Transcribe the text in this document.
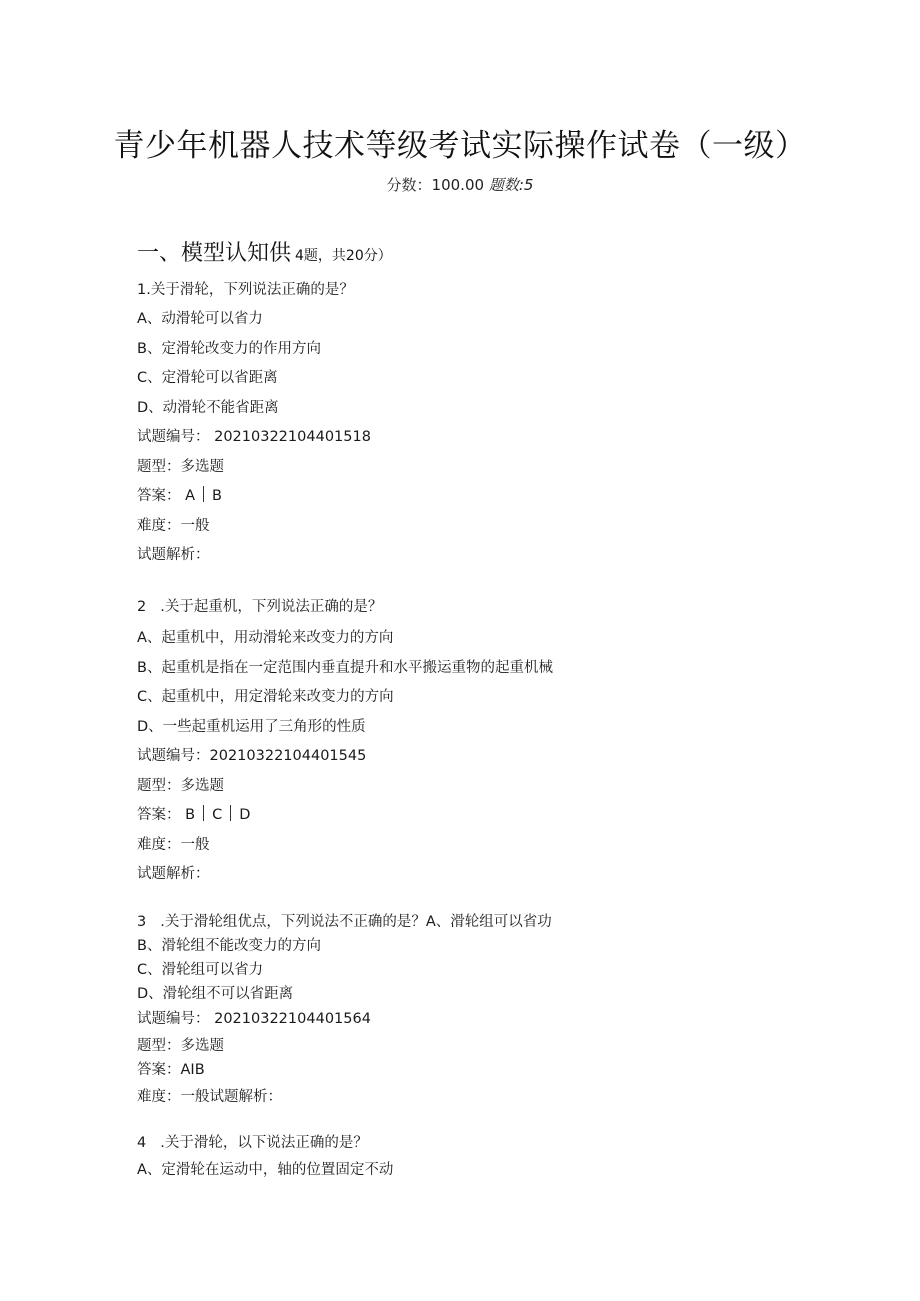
青少年机器人技术等级考试实际操作试卷（一级）
分数：100.00 题数:5
一、模型认知供 4题，共20分）
1.关于滑轮，下列说法正确的是？
A、动滑轮可以省力
B、定滑轮改变力的作用方向
C、定滑轮可以省距离
D、动滑轮不能省距离
试题编号： 20210322104401518
题型：多选题
答案： A B
难度：一般
试题解析：
2 .关于起重机，下列说法正确的是？
A、起重机中，用动滑轮来改变力的方向
B、起重机是指在一定范围内垂直提升和水平搬运重物的起重机械
C、起重机中，用定滑轮来改变力的方向
D、一些起重机运用了三角形的性质
试题编号：20210322104401545
题型：多选题
答案： B C D
难度：一般
试题解析：
3 .关于滑轮组优点，下列说法不正确的是？A、滑轮组可以省功
B、滑轮组不能改变力的方向
C、滑轮组可以省力
D、滑轮组不可以省距离
试题编号： 20210322104401564
题型：多选题
答案：AIB
难度：一般试题解析：
4 .关于滑轮，以下说法正确的是？
A、定滑轮在运动中，轴的位置固定不动
